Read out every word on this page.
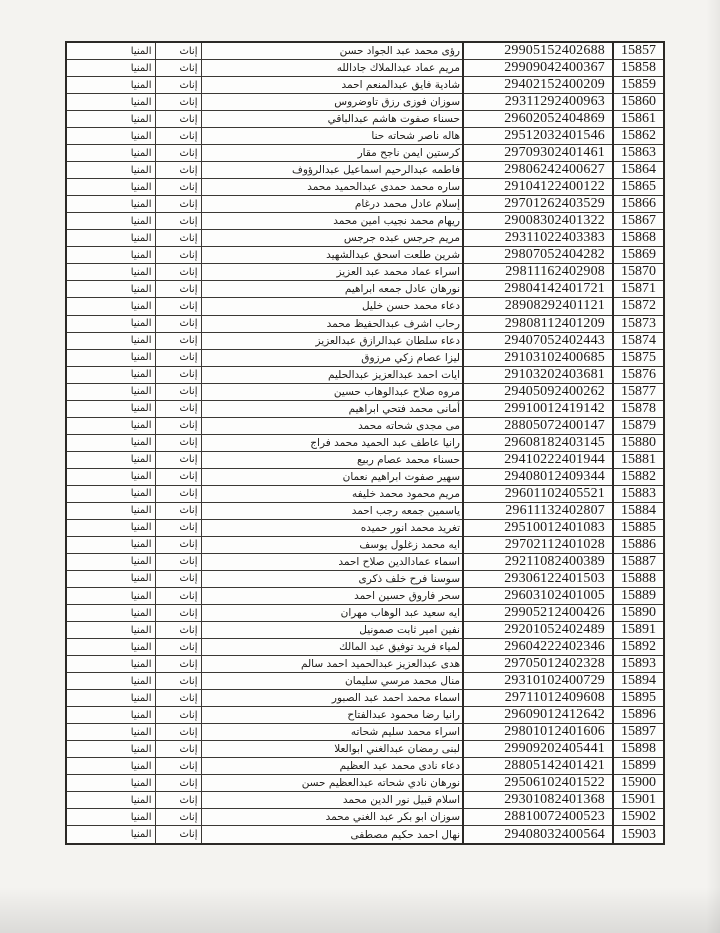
المنيا	إناث	رؤى محمد عبد الجواد حسن	29905152402688	15857
المنيا	إناث	مريم عماد عبدالملاك جادالله	29909042400367	15858
المنيا	إناث	شادية فايق عبدالمنعم احمد	29402152400209	15859
المنيا	إناث	سوزان فوزى رزق تاوضروس	29311292400963	15860
المنيا	إناث	حسناء صفوت هاشم عبدالباقي	29602052404869	15861
المنيا	إناث	هاله ناصر شحاته حنا	29512032401546	15862
المنيا	إناث	كرستين ايمن ناجح مقار	29709302401461	15863
المنيا	إناث	فاطمه عبدالرحيم اسماعيل عبدالرؤوف	29806242400627	15864
المنيا	إناث	ساره محمد حمدى عبدالحميد محمد	29104122400122	15865
المنيا	إناث	إسلام عادل محمد درغام	29701262403529	15866
المنيا	إناث	ريهام محمد نجيب امين محمد	29008302401322	15867
المنيا	إناث	مريم جرجس عبده جرجس	29311022403383	15868
المنيا	إناث	شرين طلعت اسحق عبدالشهيد	29807052404282	15869
المنيا	إناث	اسراء عماد محمد عبد العزيز	29811162402908	15870
المنيا	إناث	نورهان عادل جمعه ابراهيم	29804142401721	15871
المنيا	إناث	دعاء محمد حسن خليل	28908292401121	15872
المنيا	إناث	رحاب اشرف عبدالحفيظ محمد	29808112401209	15873
المنيا	إناث	دعاء سلطان عبدالرازق عبدالعزيز	29407052402443	15874
المنيا	إناث	ليزا عصام زكي مرزوق	29103102400685	15875
المنيا	إناث	ايات احمد عبدالعزيز عبدالحليم	29103202403681	15876
المنيا	إناث	مروه صلاح عبدالوهاب حسين	29405092400262	15877
المنيا	إناث	أمانى محمد فتحي ابراهيم	29910012419142	15878
المنيا	إناث	مى مجدى شحاته محمد	28805072400147	15879
المنيا	إناث	رانيا عاطف عبد الحميد محمد فراج	29608182403145	15880
المنيا	إناث	حسناء محمد عصام ربيع	29410222401944	15881
المنيا	إناث	سهير صفوت ابراهيم نعمان	29408012409344	15882
المنيا	إناث	مريم محمود محمد خليفه	29601102405521	15883
المنيا	إناث	ياسمين جمعه رجب احمد	29611132402807	15884
المنيا	إناث	تغريد محمد انور حميده	29510012401083	15885
المنيا	إناث	ايه محمد زغلول يوسف	29702112401028	15886
المنيا	إناث	اسماء عمادالدين صلاح احمد	29211082400389	15887
المنيا	إناث	سوسنا فرح خلف ذكرى	29306122401503	15888
المنيا	إناث	سحر فاروق حسين احمد	29603102401005	15889
المنيا	إناث	ايه سعيد عبد الوهاب مهران	29905212400426	15890
المنيا	إناث	نفين امير ثابت صمونيل	29201052402489	15891
المنيا	إناث	لمياء فريد توفيق عبد المالك	29604222402346	15892
المنيا	إناث	هدى عبدالعزيز عبدالحميد احمد سالم	29705012402328	15893
المنيا	إناث	منال محمد مرسي سليمان	29310102400729	15894
المنيا	إناث	اسماء محمد احمد عبد الصبور	29711012409608	15895
المنيا	إناث	رانيا رضا محمود عبدالفتاح	29609012412642	15896
المنيا	إناث	اسراء محمد سليم شحاته	29801012401606	15897
المنيا	إناث	لبنى رمضان عبدالغني ابوالعلا	29909202405441	15898
المنيا	إناث	دعاء نادى محمد عبد العظيم	28805142401421	15899
المنيا	إناث	نورهان نادي شحاته عبدالعظيم حسن	29506102401522	15900
المنيا	إناث	اسلام قبيل نور الدين محمد	29301082401368	15901
المنيا	إناث	سوزان ابو بكر عبد الغني محمد	28810072400523	15902
المنيا	إناث	نهال احمد حكيم مصطفى	29408032400564	15903
